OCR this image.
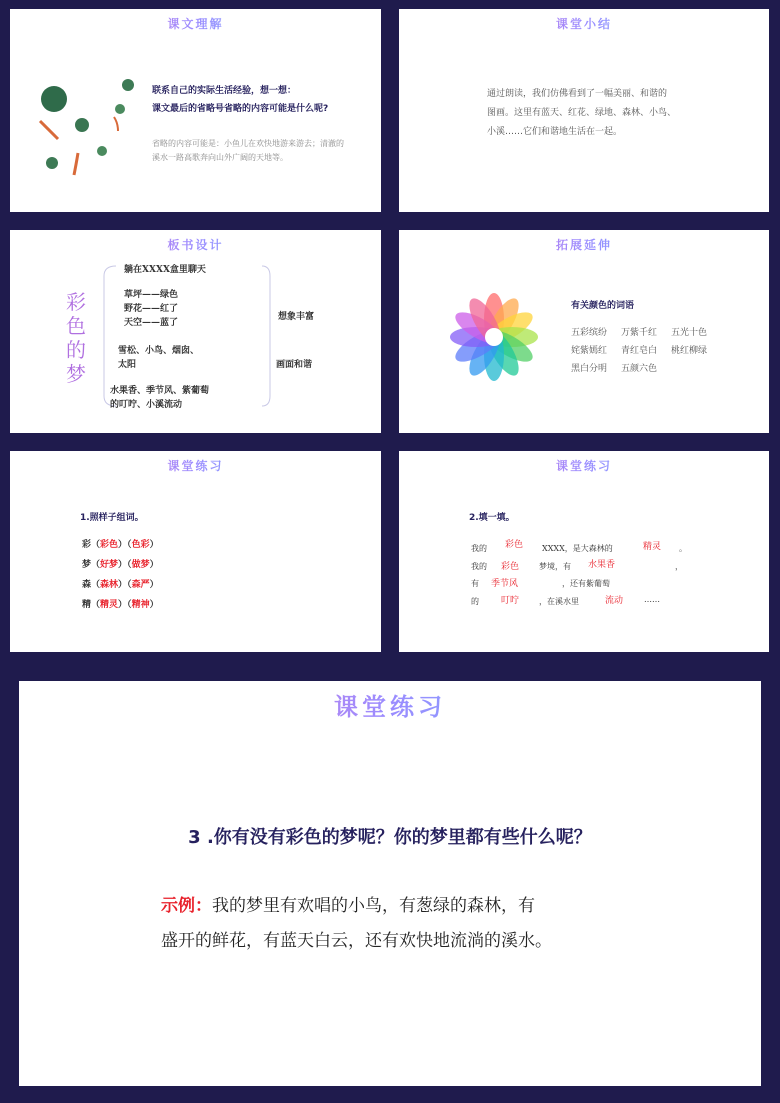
课文理解
联系自己的实际生活经验，想一想：
课文最后的省略号省略的内容可能是什么呢?
省略的内容可能是：小鱼儿在欢快地游来游去；清澈的
溪水一路高歌奔向山外广阔的天地等。
课堂小结
通过朗读，我们仿佛看到了一幅美丽、和谐的
图画。这里有蓝天、红花、绿地、森林、小鸟、
小溪……它们和谐地生活在一起。
板书设计
彩
色
的
梦
躺在XXXX盒里聊天
草坪——绿色
野花——红了
天空——蓝了
雪松、小鸟、烟囱、
太阳
水果香、季节风、紫葡萄
的叮咛、小溪流动
想象丰富
画面和谐
拓展延伸
有关颜色的词语
五彩缤纷 万紫千红 五光十色
姹紫嫣红 青红皂白 桃红柳绿
黑白分明 五颜六色
课堂练习
1.照样子组词。
彩（彩色）（色彩）
梦（好梦）（做梦）
森（森林）（森严）
精（精灵）（精神）
课堂练习
2.填一填。
我的 彩色 XXXX，是大森林的	精灵 。
我的 彩色 梦境，有 水果香	，
有 季节风	，还有紫葡萄
的 叮咛 ，在溪水里	流动	……
课堂练习
3 .你有没有彩色的梦呢？你的梦里都有些什么呢？
示例：我的梦里有欢唱的小鸟，有葱绿的森林，有
盛开的鲜花，有蓝天白云，还有欢快地流淌的溪水。
